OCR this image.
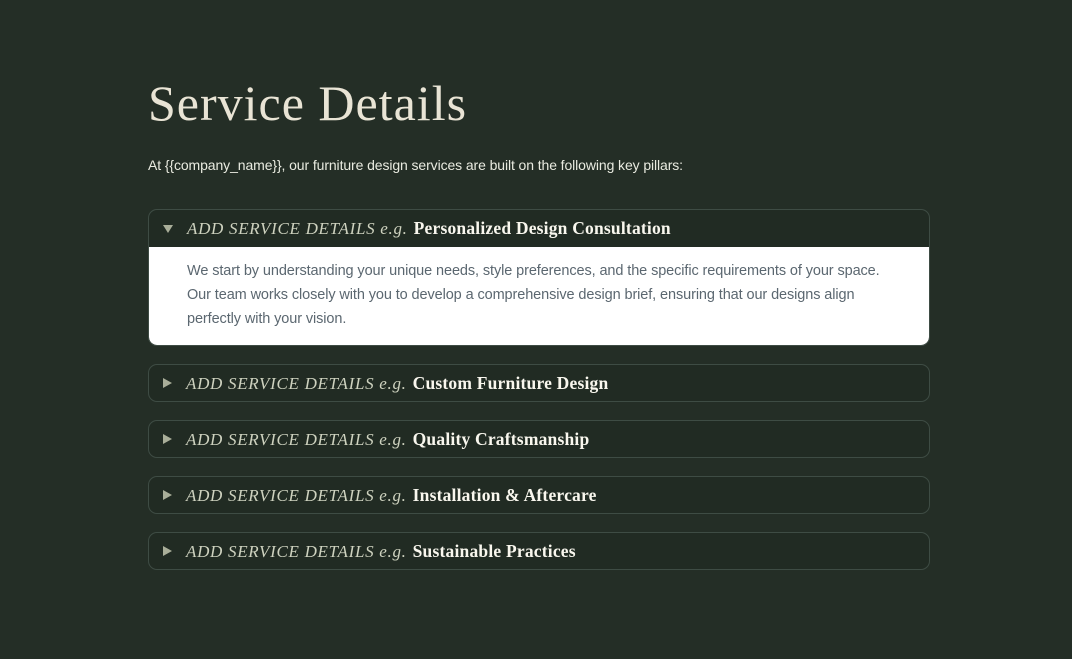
Service Details

At {{company_name}}, our furniture design services are built on the following key pillars:

ADD SERVICE DETAILS e.g. Personalized Design Consultation

We start by understanding your unique needs, style preferences, and the specific requirements of your space. Our team works closely with you to develop a comprehensive design brief, ensuring that our designs align perfectly with your vision.

ADD SERVICE DETAILS e.g. Custom Furniture Design
ADD SERVICE DETAILS e.g. Quality Craftsmanship
ADD SERVICE DETAILS e.g. Installation & Aftercare
ADD SERVICE DETAILS e.g. Sustainable Practices
